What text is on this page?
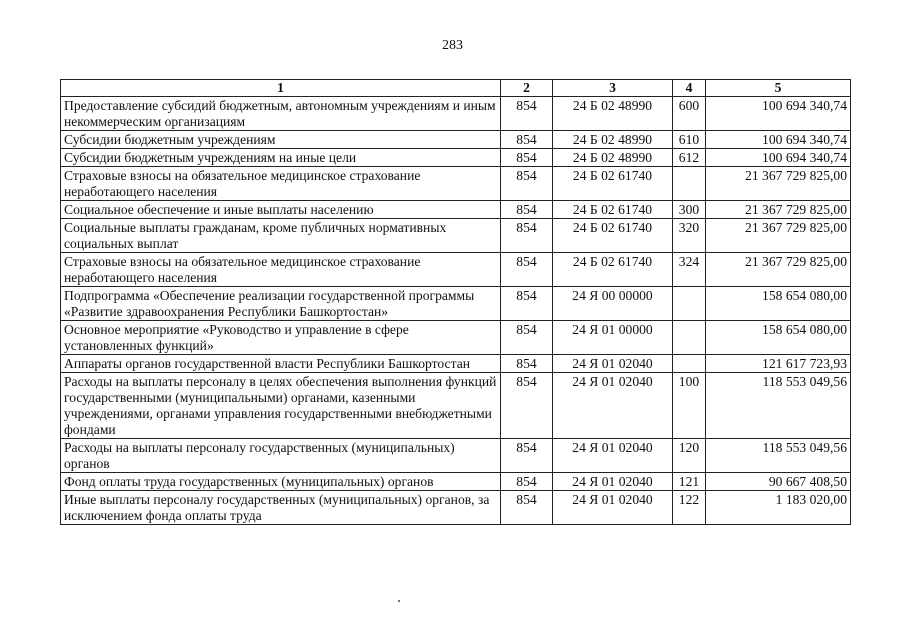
283
1	2	3	4	5
Предоставление субсидий бюджетным, автономным учреждениям и иным некоммерческим организациям	854	24 Б 02 48990	600	100 694 340,74
Субсидии бюджетным учреждениям	854	24 Б 02 48990	610	100 694 340,74
Субсидии бюджетным учреждениям на иные цели	854	24 Б 02 48990	612	100 694 340,74
Страховые взносы на обязательное медицинское страхование неработающего населения	854	24 Б 02 61740		21 367 729 825,00
Социальное обеспечение и иные выплаты населению	854	24 Б 02 61740	300	21 367 729 825,00
Социальные выплаты гражданам, кроме публичных нормативных социальных выплат	854	24 Б 02 61740	320	21 367 729 825,00
Страховые взносы на обязательное медицинское страхование неработающего населения	854	24 Б 02 61740	324	21 367 729 825,00
Подпрограмма «Обеспечение реализации государственной программы «Развитие здравоохранения Республики Башкортостан»	854	24 Я 00 00000		158 654 080,00
Основное мероприятие «Руководство и управление в сфере установленных функций»	854	24 Я 01 00000		158 654 080,00
Аппараты органов государственной власти Республики Башкортостан	854	24 Я 01 02040		121 617 723,93
Расходы на выплаты персоналу в целях обеспечения выполнения функций государственными (муниципальными) органами, казенными учреждениями, органами управления государственными внебюджетными фондами	854	24 Я 01 02040	100	118 553 049,56
Расходы на выплаты персоналу государственных (муниципальных) органов	854	24 Я 01 02040	120	118 553 049,56
Фонд оплаты труда государственных (муниципальных) органов	854	24 Я 01 02040	121	90 667 408,50
Иные выплаты персоналу государственных (муниципальных) органов, за исключением фонда оплаты труда	854	24 Я 01 02040	122	1 183 020,00
